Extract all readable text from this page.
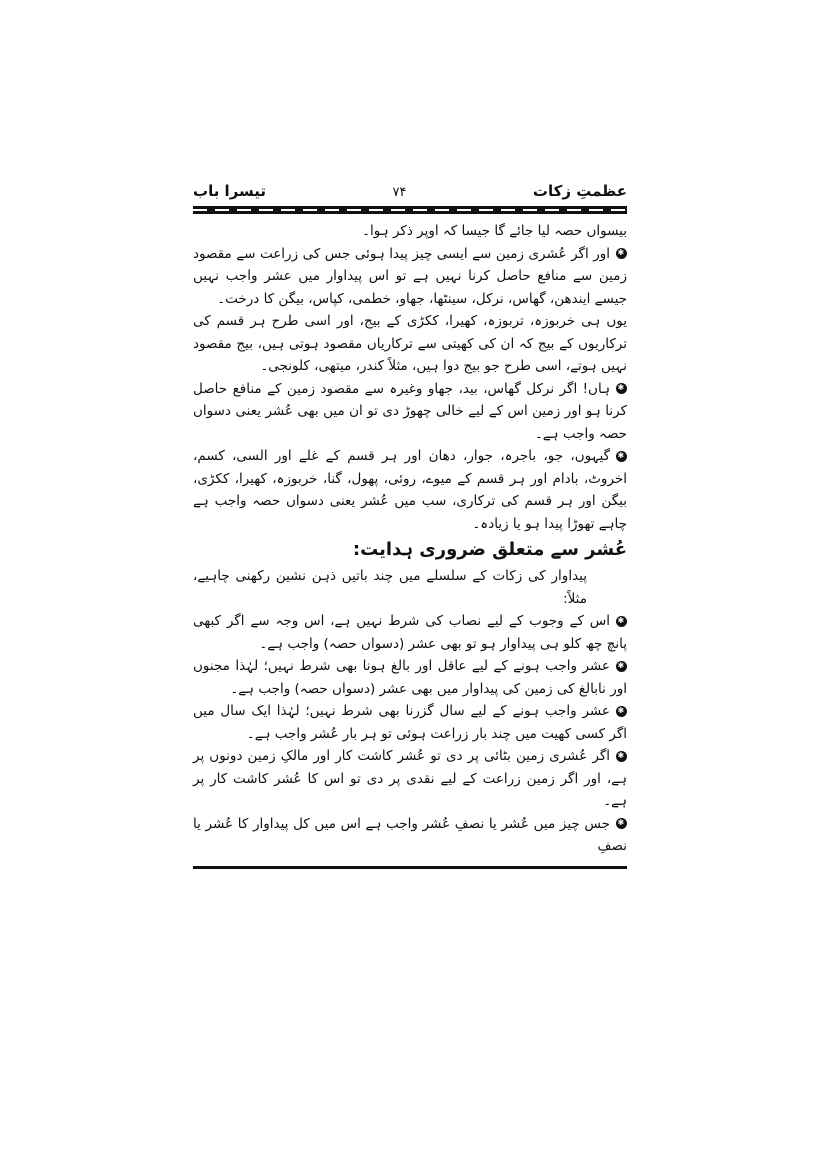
عظمتِ زکات
۷۴
تیسرا باب

بیسواں حصہ لیا جائے گا جیسا کہ اوپر ذکر ہوا۔

✱اور اگر عُشری زمین سے ایسی چیز پیدا ہوئی جس کی زراعت سے مقصود زمین سے منافع حاصل کرنا نہیں ہے تو اس پیداوار میں عشر واجب نہیں جیسے ایندھن، گھاس، نرکل، سینٹھا، جھاو، خطمی، کپاس، بیگن کا درخت۔

یوں ہی خربوزہ، تربوزہ، کھیرا، ککڑی کے بیج، اور اسی طرح ہر قسم کی ترکاریوں کے بیج کہ ان کی کھیتی سے ترکاریاں مقصود ہوتی ہیں، بیج مقصود نہیں ہوتے، اسی طرح جو بیج دوا ہیں، مثلاً کندر، میتھی، کلونجی۔

✱ہاں! اگر نرکل گھاس، بید، جھاو وغیرہ سے مقصود زمین کے منافع حاصل کرنا ہو اور زمین اس کے لیے خالی چھوڑ دی تو ان میں بھی عُشر یعنی دسواں حصہ واجب ہے۔

✱گیہوں، جو، باجرہ، جوار، دھان اور ہر قسم کے غلے اور السی، کسم، اخروٹ، بادام اور ہر قسم کے میوے، روئی، پھول، گنا، خربوزہ، کھیرا، ککڑی، بیگن اور ہر قسم کی ترکاری، سب میں عُشر یعنی دسواں حصہ واجب ہے چاہے تھوڑا پیدا ہو یا زیادہ۔

عُشر سے متعلق ضروری ہدایت:

پیداوار کی زکات کے سلسلے میں چند باتیں ذہن نشین رکھنی چاہیے، مثلاً:

✱اس کے وجوب کے لیے نصاب کی شرط نہیں ہے، اس وجہ سے اگر کبھی پانچ چھ کلو ہی پیداوار ہو تو بھی عشر (دسواں حصہ) واجب ہے۔

✱عشر واجب ہونے کے لیے عاقل اور بالغ ہونا بھی شرط نہیں؛ لہٰذا مجنوں اور نابالغ کی زمین کی پیداوار میں بھی عشر (دسواں حصہ) واجب ہے۔

✱عشر واجب ہونے کے لیے سال گزرنا بھی شرط نہیں؛ لہٰذا ایک سال میں اگر کسی کھیت میں چند بار زراعت ہوئی تو ہر بار عُشر واجب ہے۔

✱اگر عُشری زمین بٹائی پر دی تو عُشر کاشت کار اور مالکِ زمین دونوں پر ہے، اور اگر زمین زراعت کے لیے نقدی پر دی تو اس کا عُشر کاشت کار پر ہے۔

✱جس چیز میں عُشر یا نصفِ عُشر واجب ہے اس میں کل پیداوار کا عُشر یا نصفِ
